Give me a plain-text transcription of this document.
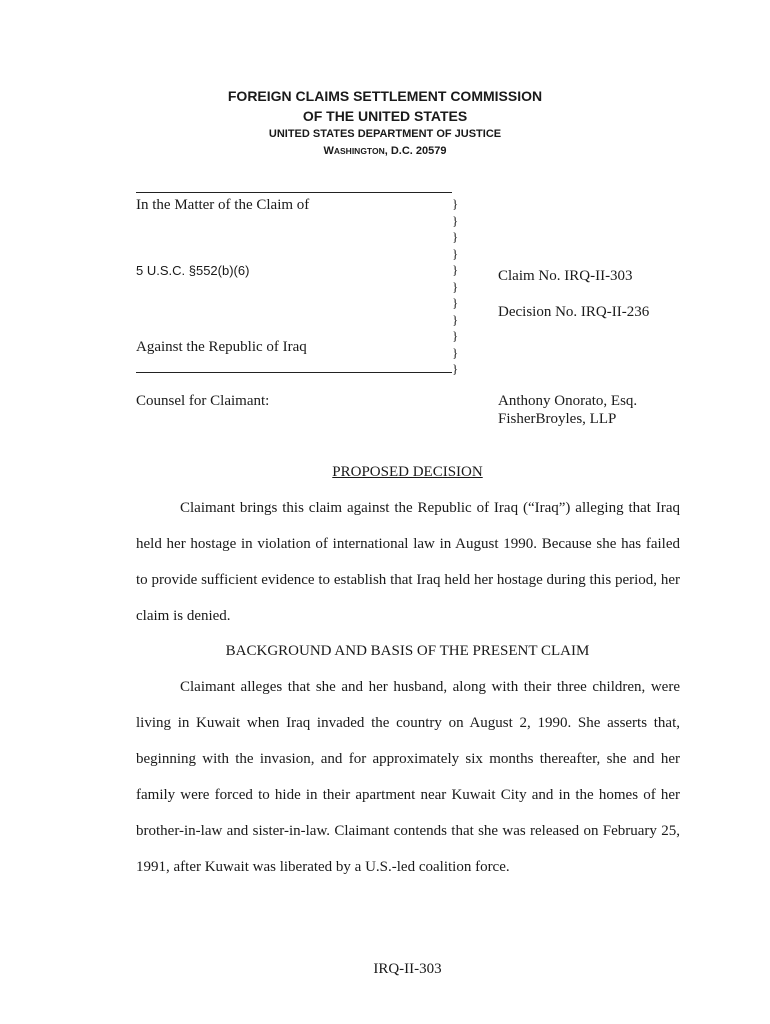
FOREIGN CLAIMS SETTLEMENT COMMISSION
OF THE UNITED STATES
UNITED STATES DEPARTMENT OF JUSTICE
WASHINGTON, D.C. 20579
In the Matter of the Claim of
5 U.S.C. §552(b)(6)
Against the Republic of Iraq
}
}
}
}
}
}
}
}
}
}
}
Claim No. IRQ-II-303
Decision No. IRQ-II-236
Counsel for Claimant:	Anthony Onorato, Esq.
FisherBroyles, LLP
PROPOSED DECISION
Claimant brings this claim against the Republic of Iraq (“Iraq”) alleging that Iraq
held her hostage in violation of international law in August 1990. Because she has failed
to provide sufficient evidence to establish that Iraq held her hostage during this period, her
claim is denied.
BACKGROUND AND BASIS OF THE PRESENT CLAIM
Claimant alleges that she and her husband, along with their three children, were
living in Kuwait when Iraq invaded the country on August 2, 1990. She asserts that,
beginning with the invasion, and for approximately six months thereafter, she and her
family were forced to hide in their apartment near Kuwait City and in the homes of her
brother-in-law and sister-in-law. Claimant contends that she was released on February 25,
1991, after Kuwait was liberated by a U.S.-led coalition force.
IRQ-II-303
